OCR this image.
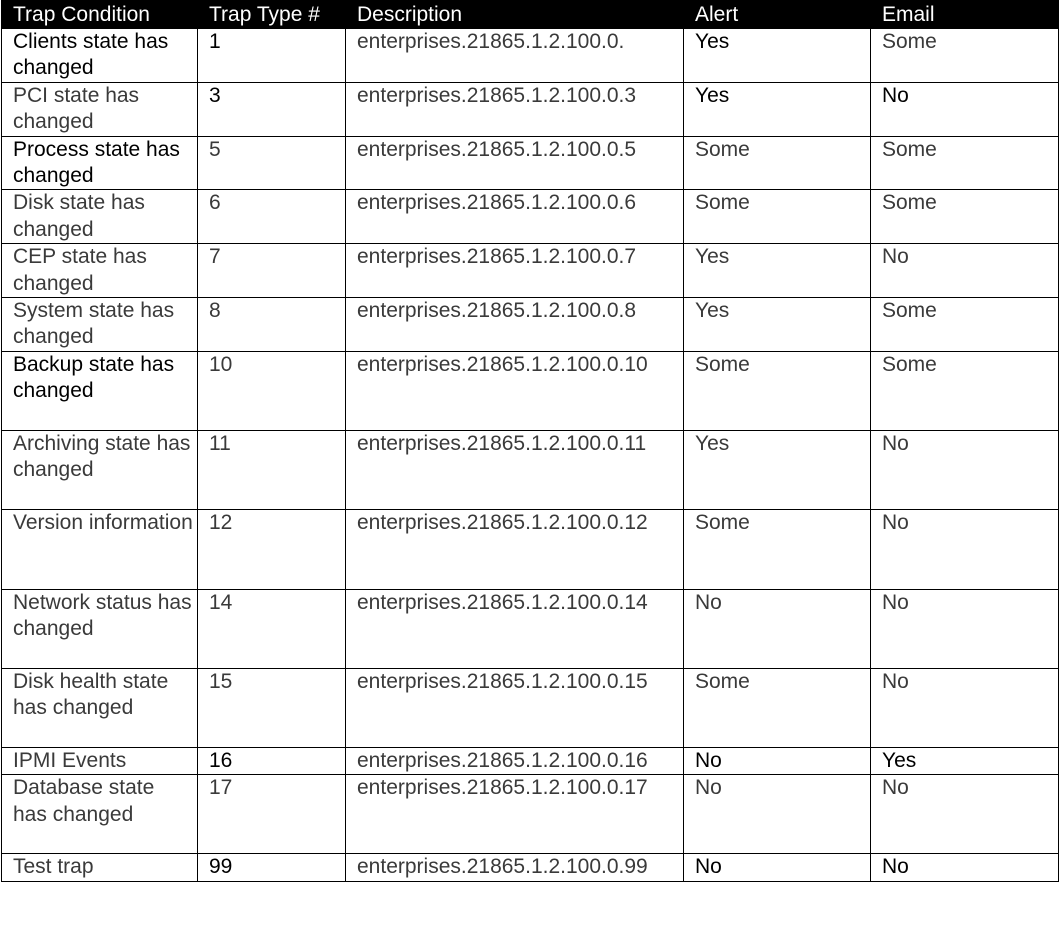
Trap Condition	Trap Type #	Description	Alert	Email
Clients state has changed	1	enterprises.21865.1.2.100.0.	Yes	Some
PCI state has changed	3	enterprises.21865.1.2.100.0.3	Yes	No
Process state has changed	5	enterprises.21865.1.2.100.0.5	Some	Some
Disk state has changed	6	enterprises.21865.1.2.100.0.6	Some	Some
CEP state has changed	7	enterprises.21865.1.2.100.0.7	Yes	No
System state has changed	8	enterprises.21865.1.2.100.0.8	Yes	Some
Backup state has changed	10	enterprises.21865.1.2.100.0.10	Some	Some
Archiving state has changed	11	enterprises.21865.1.2.100.0.11	Yes	No
Version information	12	enterprises.21865.1.2.100.0.12	Some	No
Network status has changed	14	enterprises.21865.1.2.100.0.14	No	No
Disk health state has changed	15	enterprises.21865.1.2.100.0.15	Some	No
IPMI Events	16	enterprises.21865.1.2.100.0.16	No	Yes
Database state has changed	17	enterprises.21865.1.2.100.0.17	No	No
Test trap	99	enterprises.21865.1.2.100.0.99	No	No
